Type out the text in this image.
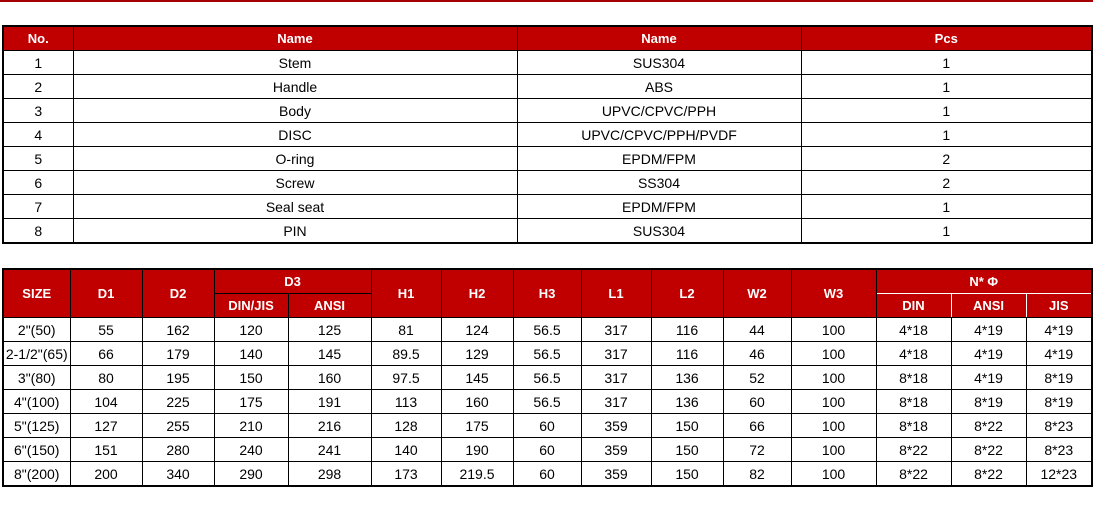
No.	Name	Name	Pcs
1	Stem	SUS304	1
2	Handle	ABS	1
3	Body	UPVC/CPVC/PPH	1
4	DISC	UPVC/CPVC/PPH/PVDF	1
5	O-ring	EPDM/FPM	2
6	Screw	SS304	2
7	Seal seat	EPDM/FPM	1
8	PIN	SUS304	1
SIZE	D1	D2	D3		H1	H2	H3	L1	L2	W2	W3	N* Φ		
			DIN/JIS	ANSI								DIN	ANSI	JIS
2"(50)	55	162	120	125	81	124	56.5	317	116	44	100	4*18	4*19	4*19
2-1/2"(65)	66	179	140	145	89.5	129	56.5	317	116	46	100	4*18	4*19	4*19
3"(80)	80	195	150	160	97.5	145	56.5	317	136	52	100	8*18	4*19	8*19
4"(100)	104	225	175	191	113	160	56.5	317	136	60	100	8*18	8*19	8*19
5"(125)	127	255	210	216	128	175	60	359	150	66	100	8*18	8*22	8*23
6"(150)	151	280	240	241	140	190	60	359	150	72	100	8*22	8*22	8*23
8"(200)	200	340	290	298	173	219.5	60	359	150	82	100	8*22	8*22	12*23
